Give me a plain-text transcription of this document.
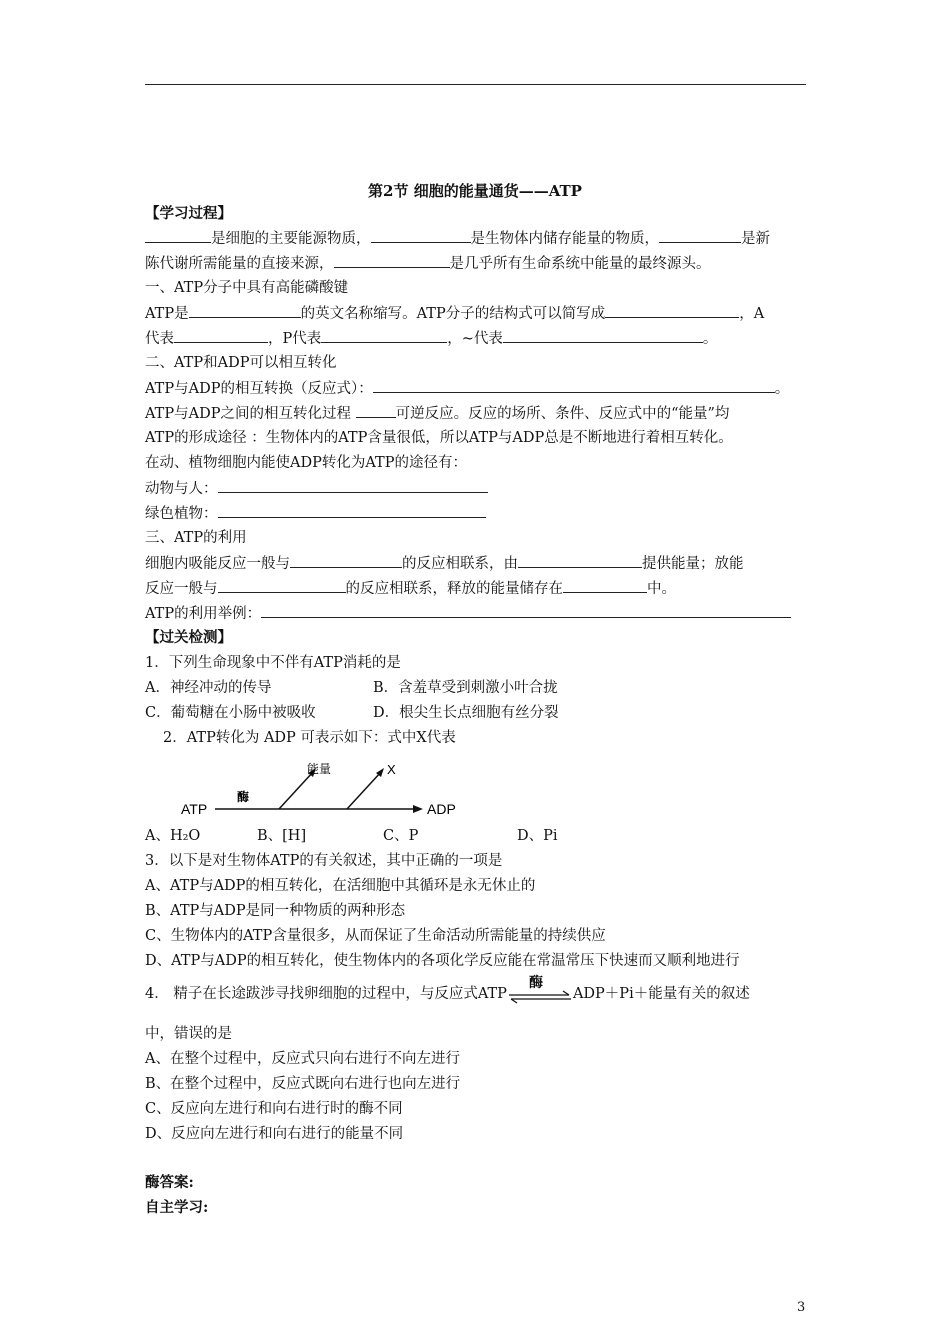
第2节 细胞的能量通货——ATP
【学习过程】
是细胞的主要能源物质，	是生物体内储存能量的物质，	是新
陈代谢所需能量的直接来源，	是几乎所有生命系统中能量的最终源头。
一、ATP分子中具有高能磷酸键
ATP是	的英文名称缩写。ATP分子的结构式可以简写成	，A
代表	，P代表	，~代表	。
二、ATP和ADP可以相互转化
ATP与ADP的相互转换（反应式）：	。
ATP与ADP之间的相互转化过程	可逆反应。反应的场所、条件、反应式中的“能量”均
ATP的形成途径 ：生物体内的ATP含量很低，所以ATP与ADP总是不断地进行着相互转化。
在动、植物细胞内能使ADP转化为ATP的途径有：
动物与人：
绿色植物：
三、ATP的利用
细胞内吸能反应一般与	的反应相联系，由	提供能量；放能
反应一般与	的反应相联系，释放的能量储存在	中。
ATP的利用举例：
【过关检测】
1．下列生命现象中不伴有ATP消耗的是
A．神经冲动的传导	B．含羞草受到刺激小叶合拢
C．葡萄糖在小肠中被吸收	D．根尖生长点细胞有丝分裂
2．ATP转化为 ADP 可表示如下：式中X代表
ATP	ADP
酶
能量	X
A、H₂O	B、[H]	C、P	D、Pi
3．以下是对生物体ATP的有关叙述，其中正确的一项是
A、ATP与ADP的相互转化，在活细胞中其循环是永无休止的
B、ATP与ADP是同一种物质的两种形态
C、生物体内的ATP含量很多，从而保证了生命活动所需能量的持续供应
D、ATP与ADP的相互转化，使生物体内的各项化学反应能在常温常压下快速而又顺利地进行
4． 精子在长途跋涉寻找卵细胞的过程中，与反应式ATP
酶
ADP＋Pi＋能量有关的叙述
中，错误的是
A、在整个过程中，反应式只向右进行不向左进行
B、在整个过程中，反应式既向右进行也向左进行
C、反应向左进行和向右进行时的酶不同
D、反应向左进行和向右进行的能量不同
酶答案:
自主学习:
3
